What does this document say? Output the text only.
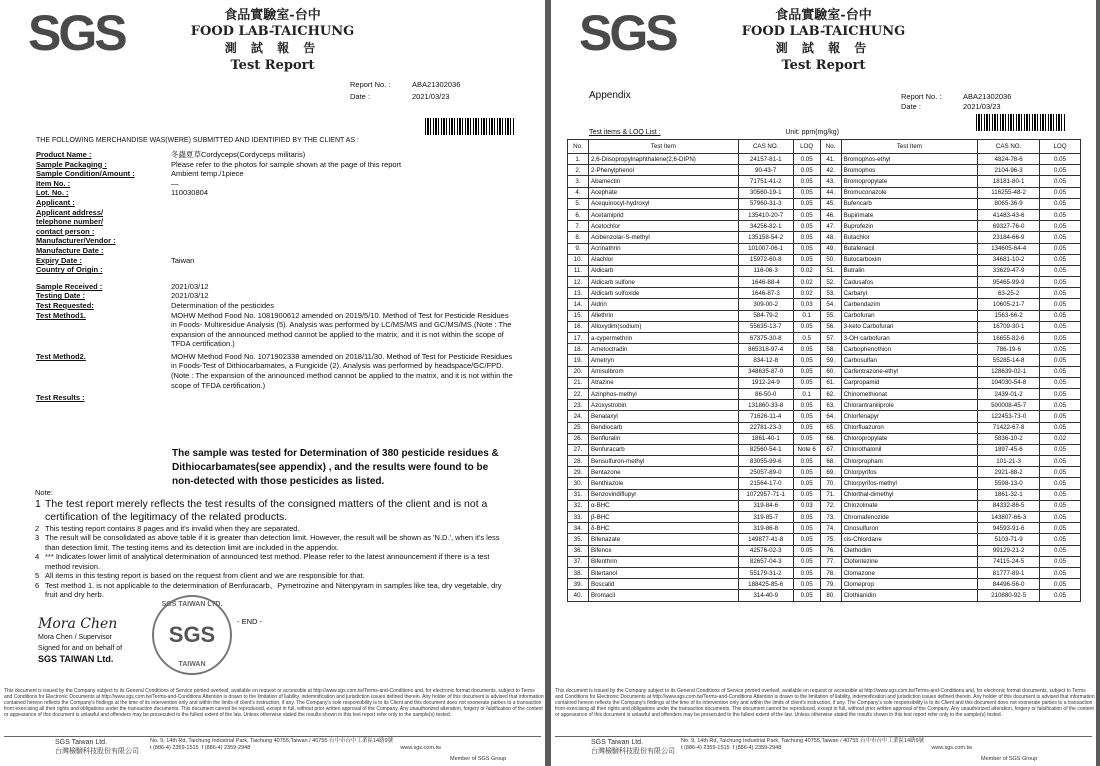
SGS	食品實驗室-台中
FOOD LAB-TAICHUNG
測 試 報 告
Test Report
Report No. :	ABA21302036
Date :	2021/03/23
THE FOLLOWING MERCHANDISE WAS(WERE) SUBMITTED AND IDENTIFIED BY THE CLIENT AS :
Product Name :	冬蟲夏草Cordyceps(Cordyceps militaris)
Sample Packaging :	Please refer to the photos for sample shown at the page of this report
Sample Condition/Amount :	Ambient temp./1piece
Item No. :	—
Lot. No. :	110030804
Applicant :
Applicant address/
telephone number/
contact person :
Manufacturer/Vendor :
Manufacture Date :
Expiry Date :	Taiwan
Country of Origin :
Sample Received :	2021/03/12
Testing Date :	2021/03/12
Test Requested:	Determination of the pesticides
Test Method1.	MOHW Method Food No. 1081900612 amended on 2019/5/10. Method of Test for Pesticide Residues in Foods- Multiresidue Analysis (5). Analysis was performed by LC/MS/MS and GC/MS/MS.(Note : The expansion of the announced method cannot be applied to the matrix, and it is not within the scope of TFDA certification.)
Test Method2.	MOHW Method Food No. 1071902338 amended on 2018/11/30. Method of Test for Pesticide Residues in Foods-Test of Dithiocarbamates, a Fungicide (2). Analysis was performed by headspace/GC/FPD.(Note : The expansion of the announced method cannot be applied to the matrix, and it is not within the scope of TFDA certification.)
Test Results :
The sample was tested for Determination of 380 pesticide residues & Dithiocarbamates(see appendix) , and the results were found to be non-detected with those pesticides as listed.
Note:
1 The test report merely reflects the test results of the consigned matters of the client and is not a certification of the legitimacy of the related products.
2 This testing report contains 8 pages and it's invalid when they are separated.
3 The result will be consolidated as above table if it is greater than detection limit. However, the result will be shown as 'N.D.', when it's less than detection limit. The testing items and its detection limit are included in the appendix.
4 *** Indicates lower limit of analytical determination of announced test method. Please refer to the latest announcement if there is a test method revision.
5 All items in this testing report is based on the request from client and we are responsible for that.
6 Test method 1. is not applicable to the determination of Benfuracarb、Pymetrozine and Nitenpyram in samples like tea, dry vegetable, dry fruit and dry herb.
Mora Chen
Mora Chen / Supervisor
Signed for and on behalf of
SGS TAIWAN Ltd.
SGS TAIWAN LTD.
SGS
TAIWAN
- END -
This document is issued by the Company subject to its General Conditions of Service printed overleaf, available on request or accessible at http://www.sgs.com.tw/Terms-and-Conditions and, for electronic format documents, subject to Terms and Conditions for Electronic Documents at http://www.sgs.com.tw/Terms-and-Conditions Attention is drawn to the limitation of liability, indemnification and jurisdiction issues defined therein. Any holder of this document is advised that information contained hereon reflects the Company's findings at the time of its intervention only and within the limits of client's instruction, if any. The Company's sole responsibility is to its Client and this document does not exonerate parties to a transaction from exercising all their rights and obligations under the transaction documents. This document cannot be reproduced, except in full, without prior written approval of the Company. Any unauthorized alteration, forgery or falsification of the content or appearance of this document is unlawful and offenders may be prosecuted to the fullest extent of the law. Unless otherwise stated the results shown in this test report refer only to the sample(s) tested.
SGS Taiwan Ltd.
台灣檢驗科技股份有限公司
No. 9, 14th Rd, Taichung Industrial Park, Taichung 40755,Taiwan / 40755 台中市台中工業區14路9號
t (886-4) 2359-1515 f (886-4) 2359-2948	www.sgs.com.tw
Member of SGS Group
SGS	食品實驗室-台中
FOOD LAB-TAICHUNG
測 試 報 告
Test Report
Report No. :	ABA21302036
Date :	2021/03/23
Appendix
Test items & LOQ List :	Unit: ppm(mg/kg)
No.	Test Item	CAS NO.	LOQ	No.	Test Item	CAS NO.	LOQ
1.	2,6-Diisopropylnaphthalene(2,6-DIPN)	24157-81-1	0.05	41.	Bromophos-ethyl	4824-78-6	0.05
2.	2-Phenylphenol	90-43-7	0.05	42.	Bromophos	2104-96-3	0.05
3.	Abamectin	71751-41-2	0.05	43.	Bromopropylate	18181-80-1	0.05
4.	Acephate	30560-19-1	0.05	44.	Bromuconazole	116255-48-2	0.05
5.	Acequinocyl-hydroxyl	57960-31-3	0.05	45.	Bufencarb	8065-36-9	0.05
6.	Acetamiprid	135410-20-7	0.05	46.	Bupirimate	41483-43-6	0.05
7.	Acetochlor	34256-82-1	0.05	47.	Buprofezin	69327-76-0	0.05
8.	Acibenzolar-S-methyl	135158-54-2	0.05	48.	Butachlor	23184-66-9	0.05
9.	Acrinathrin	101007-06-1	0.05	49.	Butafenacil	134605-64-4	0.05
10.	Alachlor	15972-60-8	0.05	50.	Butocarboxim	34681-10-2	0.05
11.	Aldicarb	116-06-3	0.02	51.	Butralin	33629-47-9	0.05
12.	Aldicarb sulfone	1646-88-4	0.02	52.	Cadusafos	95465-99-9	0.05
13.	Aldicarb sulfoxide	1646-87-3	0.02	53.	Carbaryl	63-25-2	0.05
14.	Aldrin	309-00-2	0.03	54.	Carbendazim	10605-21-7	0.05
15.	Allethrin	584-79-2	0.1	55.	Carbofuran	1563-66-2	0.05
16.	Alloxydim(sodium)	55635-13-7	0.05	56.	3-keto Carbofuran	16709-30-1	0.05
17.	a-cypermethrin	67375-30-8	0.5	57.	3-OH carbofuran	16655-82-6	0.05
18.	Ametoctradin	865318-97-4	0.05	58.	Carbophenothion	786-19-6	0.05
19.	Ametryn	834-12-8	0.05	59.	Carbosulfan	55285-14-8	0.05
20.	Amisulbrom	348635-87-0	0.05	60.	Carfentrazone-ethyl	128639-02-1	0.05
21.	Atrazine	1912-24-9	0.05	61.	Carpropamid	104030-54-8	0.05
22.	Azinphos-methyl	86-50-0	0.1	62.	Chinomethionat	2439-01-2	0.05
23.	Azoxystrobin	131860-33-8	0.05	63.	Chlorantraniliprole	500008-45-7	0.05
24.	Benalaxyl	71626-11-4	0.05	64.	Chlorfenapyr	122453-73-0	0.05
25.	Bendiocarb	22781-23-3	0.05	65.	Chlorfluazuron	71422-67-8	0.05
26.	Benfluralin	1861-40-1	0.05	66.	Chloropropylate	5836-10-2	0.02
27.	Benfuracarb	82560-54-1	Note 6	67.	Chlorothalonil	1897-45-6	0.05
28.	Bensulfuron-methyl	83055-99-6	0.05	68.	Chlorpropham	101-21-3	0.05
29.	Bentazone	25057-89-0	0.05	69.	Chlorpyrifos	2921-88-2	0.05
30.	Benthiazole	21564-17-0	0.05	70.	Chlorpyrifos-methyl	5598-13-0	0.05
31.	Benzovindiflupyr	1072957-71-1	0.05	71.	Chlorthal-dimethyl	1861-32-1	0.05
32.	α-BHC	319-84-6	0.03	72.	Chlozolinate	84332-86-5	0.05
33.	β-BHC	319-85-7	0.05	73.	Chromafenozide	143807-66-3	0.05
34.	δ-BHC	319-86-8	0.05	74.	Cinosulfuron	94593-91-6	0.05
35.	Bifenazate	149877-41-8	0.05	75.	cis-Chlordane	5103-71-9	0.05
36.	Bifenox	42576-02-3	0.05	76.	Clethodim	99129-21-2	0.05
37.	Bifenthrin	82657-04-3	0.05	77.	Clofentezine	74115-24-5	0.05
38.	Bitertanol	55179-31-2	0.05	78.	Clomazone	81777-89-1	0.05
39.	Boscalid	188425-85-6	0.05	79.	Clomeprop	84496-56-0	0.05
40.	Bromacil	314-40-9	0.05	80.	Clothianidin	210880-92-5	0.05
This document is issued by the Company subject to its General Conditions of Service printed overleaf, available on request or accessible at http://www.sgs.com.tw/Terms-and-Conditions and, for electronic format documents, subject to Terms and Conditions for Electronic Documents at http://www.sgs.com.tw/Terms-and-Conditions Attention is drawn to the limitation of liability, indemnification and jurisdiction issues defined therein. Any holder of this document is advised that information contained hereon reflects the Company's findings at the time of its intervention only and within the limits of client's instruction, if any. The Company's sole responsibility is to its Client and this document does not exonerate parties to a transaction from exercising all their rights and obligations under the transaction documents. This document cannot be reproduced, except in full, without prior written approval of the Company. Any unauthorized alteration, forgery or falsification of the content or appearance of this document is unlawful and offenders may be prosecuted to the fullest extent of the law. Unless otherwise stated the results shown in this test report refer only to the sample(s) tested.
SGS Taiwan Ltd.
台灣檢驗科技股份有限公司
No. 9, 14th Rd, Taichung Industrial Park, Taichung 40755,Taiwan / 40755 台中市台中工業區14路9號
t (886-4) 2359-1515 f (886-4) 2359-2948	www.sgs.com.tw
Member of SGS Group
